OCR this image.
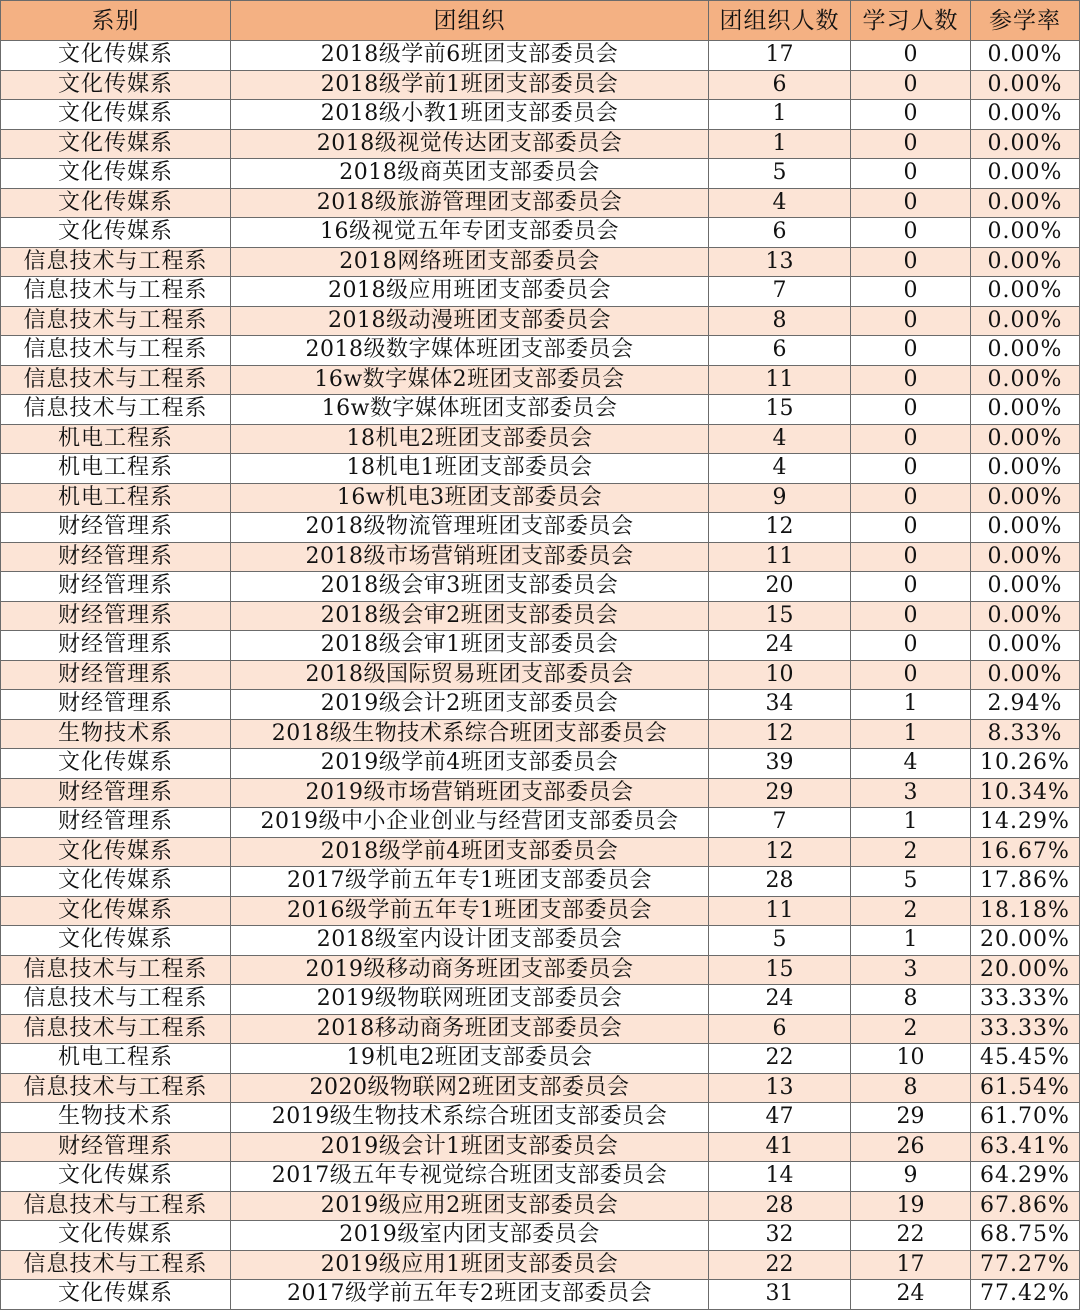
系别	团组织	团组织人数	学习人数	参学率
文化传媒系	2018级学前6班团支部委员会	17	0	0.00%
文化传媒系	2018级学前1班团支部委员会	6	0	0.00%
文化传媒系	2018级小教1班团支部委员会	1	0	0.00%
文化传媒系	2018级视觉传达团支部委员会	1	0	0.00%
文化传媒系	2018级商英团支部委员会	5	0	0.00%
文化传媒系	2018级旅游管理团支部委员会	4	0	0.00%
文化传媒系	16级视觉五年专团支部委员会	6	0	0.00%
信息技术与工程系	2018网络班团支部委员会	13	0	0.00%
信息技术与工程系	2018级应用班团支部委员会	7	0	0.00%
信息技术与工程系	2018级动漫班团支部委员会	8	0	0.00%
信息技术与工程系	2018级数字媒体班团支部委员会	6	0	0.00%
信息技术与工程系	16w数字媒体2班团支部委员会	11	0	0.00%
信息技术与工程系	16w数字媒体班团支部委员会	15	0	0.00%
机电工程系	18机电2班团支部委员会	4	0	0.00%
机电工程系	18机电1班团支部委员会	4	0	0.00%
机电工程系	16w机电3班团支部委员会	9	0	0.00%
财经管理系	2018级物流管理班团支部委员会	12	0	0.00%
财经管理系	2018级市场营销班团支部委员会	11	0	0.00%
财经管理系	2018级会审3班团支部委员会	20	0	0.00%
财经管理系	2018级会审2班团支部委员会	15	0	0.00%
财经管理系	2018级会审1班团支部委员会	24	0	0.00%
财经管理系	2018级国际贸易班团支部委员会	10	0	0.00%
财经管理系	2019级会计2班团支部委员会	34	1	2.94%
生物技术系	2018级生物技术系综合班团支部委员会	12	1	8.33%
文化传媒系	2019级学前4班团支部委员会	39	4	10.26%
财经管理系	2019级市场营销班团支部委员会	29	3	10.34%
财经管理系	2019级中小企业创业与经营团支部委员会	7	1	14.29%
文化传媒系	2018级学前4班团支部委员会	12	2	16.67%
文化传媒系	2017级学前五年专1班团支部委员会	28	5	17.86%
文化传媒系	2016级学前五年专1班团支部委员会	11	2	18.18%
文化传媒系	2018级室内设计团支部委员会	5	1	20.00%
信息技术与工程系	2019级移动商务班团支部委员会	15	3	20.00%
信息技术与工程系	2019级物联网班团支部委员会	24	8	33.33%
信息技术与工程系	2018移动商务班团支部委员会	6	2	33.33%
机电工程系	19机电2班团支部委员会	22	10	45.45%
信息技术与工程系	2020级物联网2班团支部委员会	13	8	61.54%
生物技术系	2019级生物技术系综合班团支部委员会	47	29	61.70%
财经管理系	2019级会计1班团支部委员会	41	26	63.41%
文化传媒系	2017级五年专视觉综合班团支部委员会	14	9	64.29%
信息技术与工程系	2019级应用2班团支部委员会	28	19	67.86%
文化传媒系	2019级室内团支部委员会	32	22	68.75%
信息技术与工程系	2019级应用1班团支部委员会	22	17	77.27%
文化传媒系	2017级学前五年专2班团支部委员会	31	24	77.42%
